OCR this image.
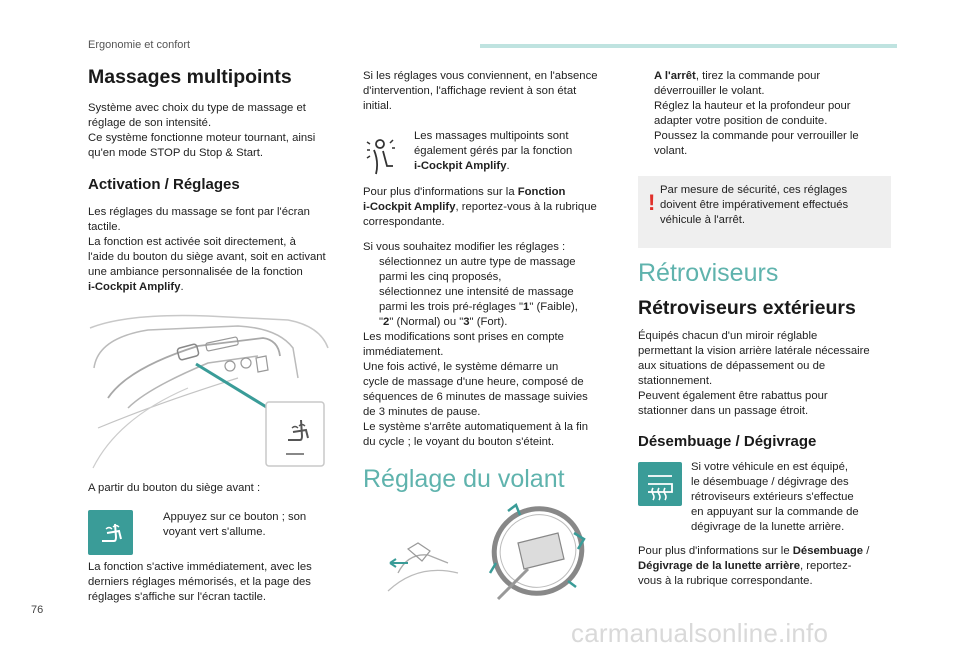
Ergonomie et confort
Massages multipoints
Système avec choix du type de massage et
réglage de son intensité.
Ce système fonctionne moteur tournant, ainsi
qu'en mode STOP du Stop & Start.
Activation / Réglages
Les réglages du massage se font par l'écran
tactile.
La fonction est activée soit directement, à
l'aide du bouton du siège avant, soit en activant
une ambiance personnalisée de la fonction
i-Cockpit Amplify.
A partir du bouton du siège avant :
Appuyez sur ce bouton ; son
voyant vert s'allume.
La fonction s'active immédiatement, avec les
derniers réglages mémorisés, et la page des
réglages s'affiche sur l'écran tactile.
Si les réglages vous conviennent, en l'absence
d'intervention, l'affichage revient à son état
initial.
Les massages multipoints sont
également gérés par la fonction
i-Cockpit Amplify.
Pour plus d'informations sur la Fonction
i-Cockpit Amplify, reportez-vous à la rubrique
correspondante.
Si vous souhaitez modifier les réglages :
sélectionnez un autre type de massage
parmi les cinq proposés,
sélectionnez une intensité de massage
parmi les trois pré-réglages "1" (Faible),
"2" (Normal) ou "3" (Fort).
Les modifications sont prises en compte
immédiatement.
Une fois activé, le système démarre un
cycle de massage d'une heure, composé de
séquences de 6 minutes de massage suivies
de 3 minutes de pause.
Le système s'arrête automatiquement à la fin
du cycle ; le voyant du bouton s'éteint.
Réglage du volant
A l'arrêt, tirez la commande pour
déverrouiller le volant.
Réglez la hauteur et la profondeur pour
adapter votre position de conduite.
Poussez la commande pour verrouiller le
volant.
! Par mesure de sécurité, ces réglages
doivent être impérativement effectués
véhicule à l'arrêt.
Rétroviseurs
Rétroviseurs extérieurs
Équipés chacun d'un miroir réglable
permettant la vision arrière latérale nécessaire
aux situations de dépassement ou de
stationnement.
Peuvent également être rabattus pour
stationner dans un passage étroit.
Désembuage / Dégivrage
Si votre véhicule en est équipé,
le désembuage / dégivrage des
rétroviseurs extérieurs s'effectue
en appuyant sur la commande de
dégivrage de la lunette arrière.
Pour plus d'informations sur le Désembuage /
Dégivrage de la lunette arrière, reportez-
vous à la rubrique correspondante.
76
carmanualsonline.info
